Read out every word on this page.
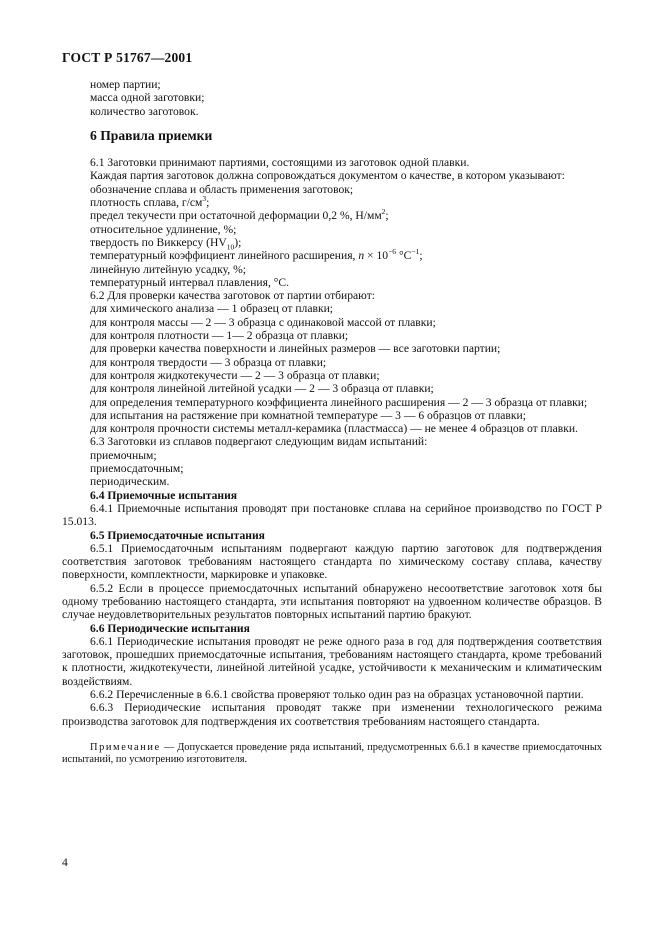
ГОСТ Р 51767—2001

номер партии;

масса одной заготовки;

количество заготовок.

6 Правила приемки

6.1 Заготовки принимают партиями, состоящими из заготовок одной плавки.

Каждая партия заготовок должна сопровождаться документом о качестве, в котором указывают:

обозначение сплава и область применения заготовок;

плотность сплава, $г/см^3$;

предел текучести при остаточной деформации 0,2 %, $Н/мм^2$;

относительное удлинение, %;

твердость по Виккерсу $(HV_{10})$;

температурный коэффициент линейного расширения, $n \times 10^{-6}$ $^\circ С^{-1}$;

линейную литейную усадку, %;

температурный интервал плавления, °С.

6.2 Для проверки качества заготовок от партии отбирают:

для химического анализа — 1 образец от плавки;

для контроля массы — 2 — 3 образца с одинаковой массой от плавки;

для контроля плотности — 1— 2 образца от плавки;

для проверки качества поверхности и линейных размеров — все заготовки партии;

для контроля твердости — 3 образца от плавки;

для контроля жидкотекучести — 2 — 3 образца от плавки;

для контроля линейной литейной усадки — 2 — 3 образца от плавки;

для определения температурного коэффициента линейного расширения — 2 — 3 образца от плавки;

для испытания на растяжение при комнатной температуре — 3 — 6 образцов от плавки;

для контроля прочности системы металл-керамика (пластмасса) — не менее 4 образцов от плавки.

6.3 Заготовки из сплавов подвергают следующим видам испытаний:

приемочным;

приемосдаточным;

периодическим.

6.4 Приемочные испытания

6.4.1 Приемочные испытания проводят при постановке сплава на серийное производство по ГОСТ Р 15.013.

6.5 Приемосдаточные испытания

6.5.1 Приемосдаточным испытаниям подвергают каждую партию заготовок для подтверждения соответствия заготовок требованиям настоящего стандарта по химическому составу сплава, качеству поверхности, комплектности, маркировке и упаковке.

6.5.2 Если в процессе приемосдаточных испытаний обнаружено несоответствие заготовок хотя бы одному требованию настоящего стандарта, эти испытания повторяют на удвоенном количестве образцов. В случае неудовлетворительных результатов повторных испытаний партию бракуют.

6.6 Периодические испытания

6.6.1 Периодические испытания проводят не реже одного раза в год для подтверждения соответствия заготовок, прошедших приемосдаточные испытания, требованиям настоящего стандарта, кроме требований к плотности, жидкотекучести, линейной литейной усадке, устойчивости к механическим и климатическим воздействиям.

6.6.2 Перечисленные в 6.6.1 свойства проверяют только один раз на образцах установочной партии.

6.6.3 Периодические испытания проводят также при изменении технологического режима производства заготовок для подтверждения их соответствия требованиям настоящего стандарта.

Примечание — Допускается проведение ряда испытаний, предусмотренных 6.6.1 в качестве приемосдаточных испытаний, по усмотрению изготовителя.

4
